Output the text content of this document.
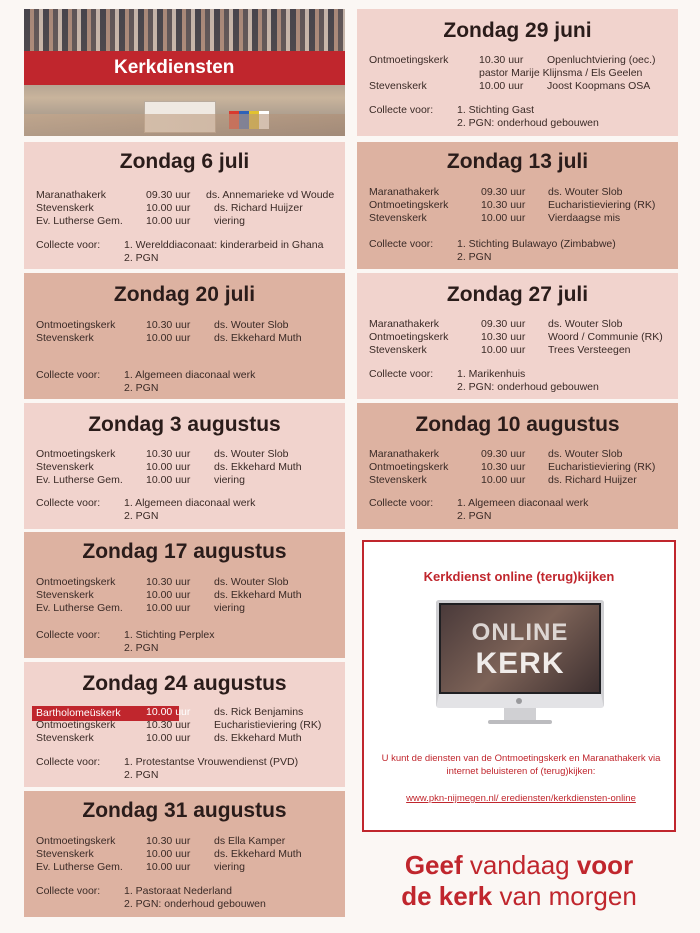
Kerkdiensten
Zondag 29 juni
Ontmoetingskerk	10.30 uur Openluchtviering (oec.)
pastor Marije Klijnsma / Els Geelen
Stevenskerk	10.00 uur Joost Koopmans OSA
Collecte voor: 1. Stichting Gast
2. PGN: onderhoud gebouwen
Zondag 6 juli
Maranathakerk	09.30 uur ds. Annemarieke vd Woude
Stevenskerk	10.00 uur ds. Richard Huijzer
Ev. Lutherse Gem. 10.00 uur viering
Collecte voor: 1. Werelddiaconaat: kinderarbeid in Ghana
2. PGN
Zondag 13 juli
Maranathakerk	09.30 uur ds. Wouter Slob
Ontmoetingskerk	10.30 uur Eucharistieviering (RK)
Stevenskerk	10.00 uur Vierdaagse mis
Collecte voor: 1. Stichting Bulawayo (Zimbabwe)
2. PGN
Zondag 20 juli
Ontmoetingskerk	10.30 uur ds. Wouter Slob
Stevenskerk	10.00 uur ds. Ekkehard Muth
Collecte voor: 1. Algemeen diaconaal werk
2. PGN
Zondag 27 juli
Maranathakerk	09.30 uur ds. Wouter Slob
Ontmoetingskerk	10.30 uur Woord / Communie (RK)
Stevenskerk	10.00 uur Trees Versteegen
Collecte voor: 1. Marikenhuis
2. PGN: onderhoud gebouwen
Zondag 3 augustus
Ontmoetingskerk	10.30 uur ds. Wouter Slob
Stevenskerk	10.00 uur ds. Ekkehard Muth
Ev. Lutherse Gem. 10.00 uur viering
Collecte voor: 1. Algemeen diaconaal werk
2. PGN
Zondag 10 augustus
Maranathakerk	09.30 uur ds. Wouter Slob
Ontmoetingskerk	10.30 uur Eucharistieviering (RK)
Stevenskerk	10.00 uur ds. Richard Huijzer
Collecte voor: 1. Algemeen diaconaal werk
2. PGN
Zondag 17 augustus
Ontmoetingskerk	10.30 uur ds. Wouter Slob
Stevenskerk	10.00 uur ds. Ekkehard Muth
Ev. Lutherse Gem. 10.00 uur viering
Collecte voor: 1. Stichting Perplex
2. PGN
Zondag 24 augustus
Bartholomeüskerk	10.00 uur ds. Rick Benjamins
Ontmoetingskerk	10.30 uur Eucharistieviering (RK)
Stevenskerk	10.00 uur ds. Ekkehard Muth
Collecte voor: 1. Protestantse Vrouwendienst (PVD)
2. PGN
Zondag 31 augustus
Ontmoetingskerk	10.30 uur ds Ella Kamper
Stevenskerk	10.00 uur ds. Ekkehard Muth
Ev. Lutherse Gem. 10.00 uur viering
Collecte voor: 1. Pastoraat Nederland
2. PGN: onderhoud gebouwen
Kerkdienst online (terug)kijken
ONLINE
KERK
U kunt de diensten van de Ontmoetingskerk en Maranathakerk via internet beluisteren of (terug)kijken:
www.pkn-nijmegen.nl/ erediensten/kerkdiensten-online
Geef vandaag voor
de kerk van morgen
